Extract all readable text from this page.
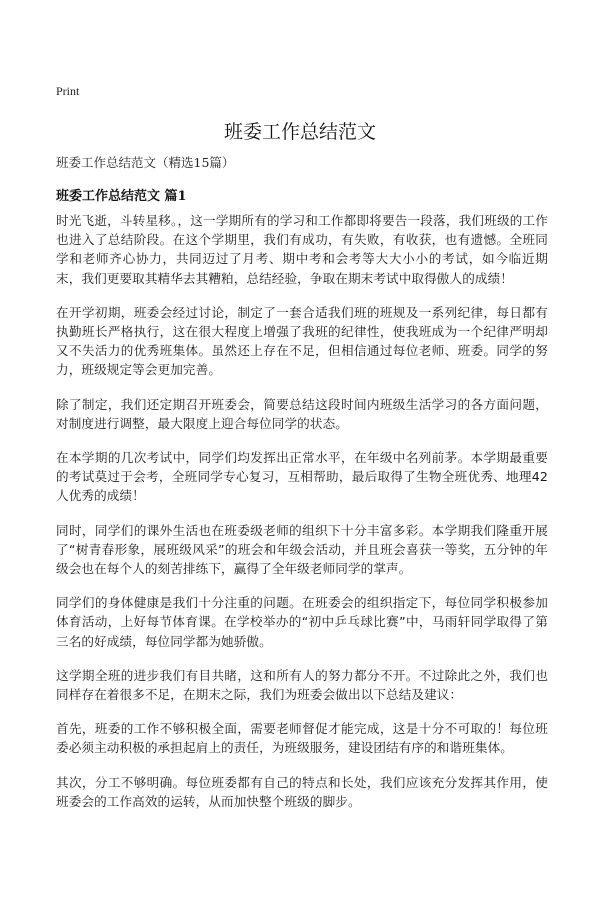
Print
班委工作总结范文
班委工作总结范文（精选15篇）
班委工作总结范文 篇1

时光飞逝，斗转星移。，这一学期所有的学习和工作都即将要告一段落，我们班级的工作也进入了总结阶段。在这个学期里，我们有成功，有失败，有收获，也有遗憾。全班同学和老师齐心协力，共同迈过了月考、期中考和会考等大大小小的考试，如今临近期末，我们更要取其精华去其糟粕，总结经验，争取在期末考试中取得傲人的成绩！

在开学初期，班委会经过讨论，制定了一套合适我们班的班规及一系列纪律，每日都有执勤班长严格执行，这在很大程度上增强了我班的纪律性，使我班成为一个纪律严明却又不失活力的优秀班集体。虽然还上存在不足，但相信通过每位老师、班委。同学的努力，班级规定等会更加完善。

除了制定，我们还定期召开班委会，简要总结这段时间内班级生活学习的各方面问题，对制度进行调整，最大限度上迎合每位同学的状态。

在本学期的几次考试中，同学们均发挥出正常水平，在年级中名列前茅。本学期最重要的考试莫过于会考，全班同学专心复习，互相帮助，最后取得了生物全班优秀、地理42人优秀的成绩！

同时，同学们的课外生活也在班委级老师的组织下十分丰富多彩。本学期我们隆重开展了“树青春形象，展班级风采”的班会和年级会活动，并且班会喜获一等奖，五分钟的年级会也在每个人的刻苦排练下，赢得了全年级老师同学的掌声。

同学们的身体健康是我们十分注重的问题。在班委会的组织指定下，每位同学积极参加体育活动，上好每节体育课。在学校举办的“初中乒乓球比赛”中，马雨轩同学取得了第三名的好成绩，每位同学都为她骄傲。

这学期全班的进步我们有目共睹，这和所有人的努力都分不开。不过除此之外，我们也同样存在着很多不足，在期末之际，我们为班委会做出以下总结及建议：

首先，班委的工作不够积极全面，需要老师督促才能完成，这是十分不可取的！每位班委必须主动积极的承担起肩上的责任，为班级服务，建设团结有序的和谐班集体。

其次，分工不够明确。每位班委都有自己的特点和长处，我们应该充分发挥其作用，使班委会的工作高效的运转，从而加快整个班级的脚步。
